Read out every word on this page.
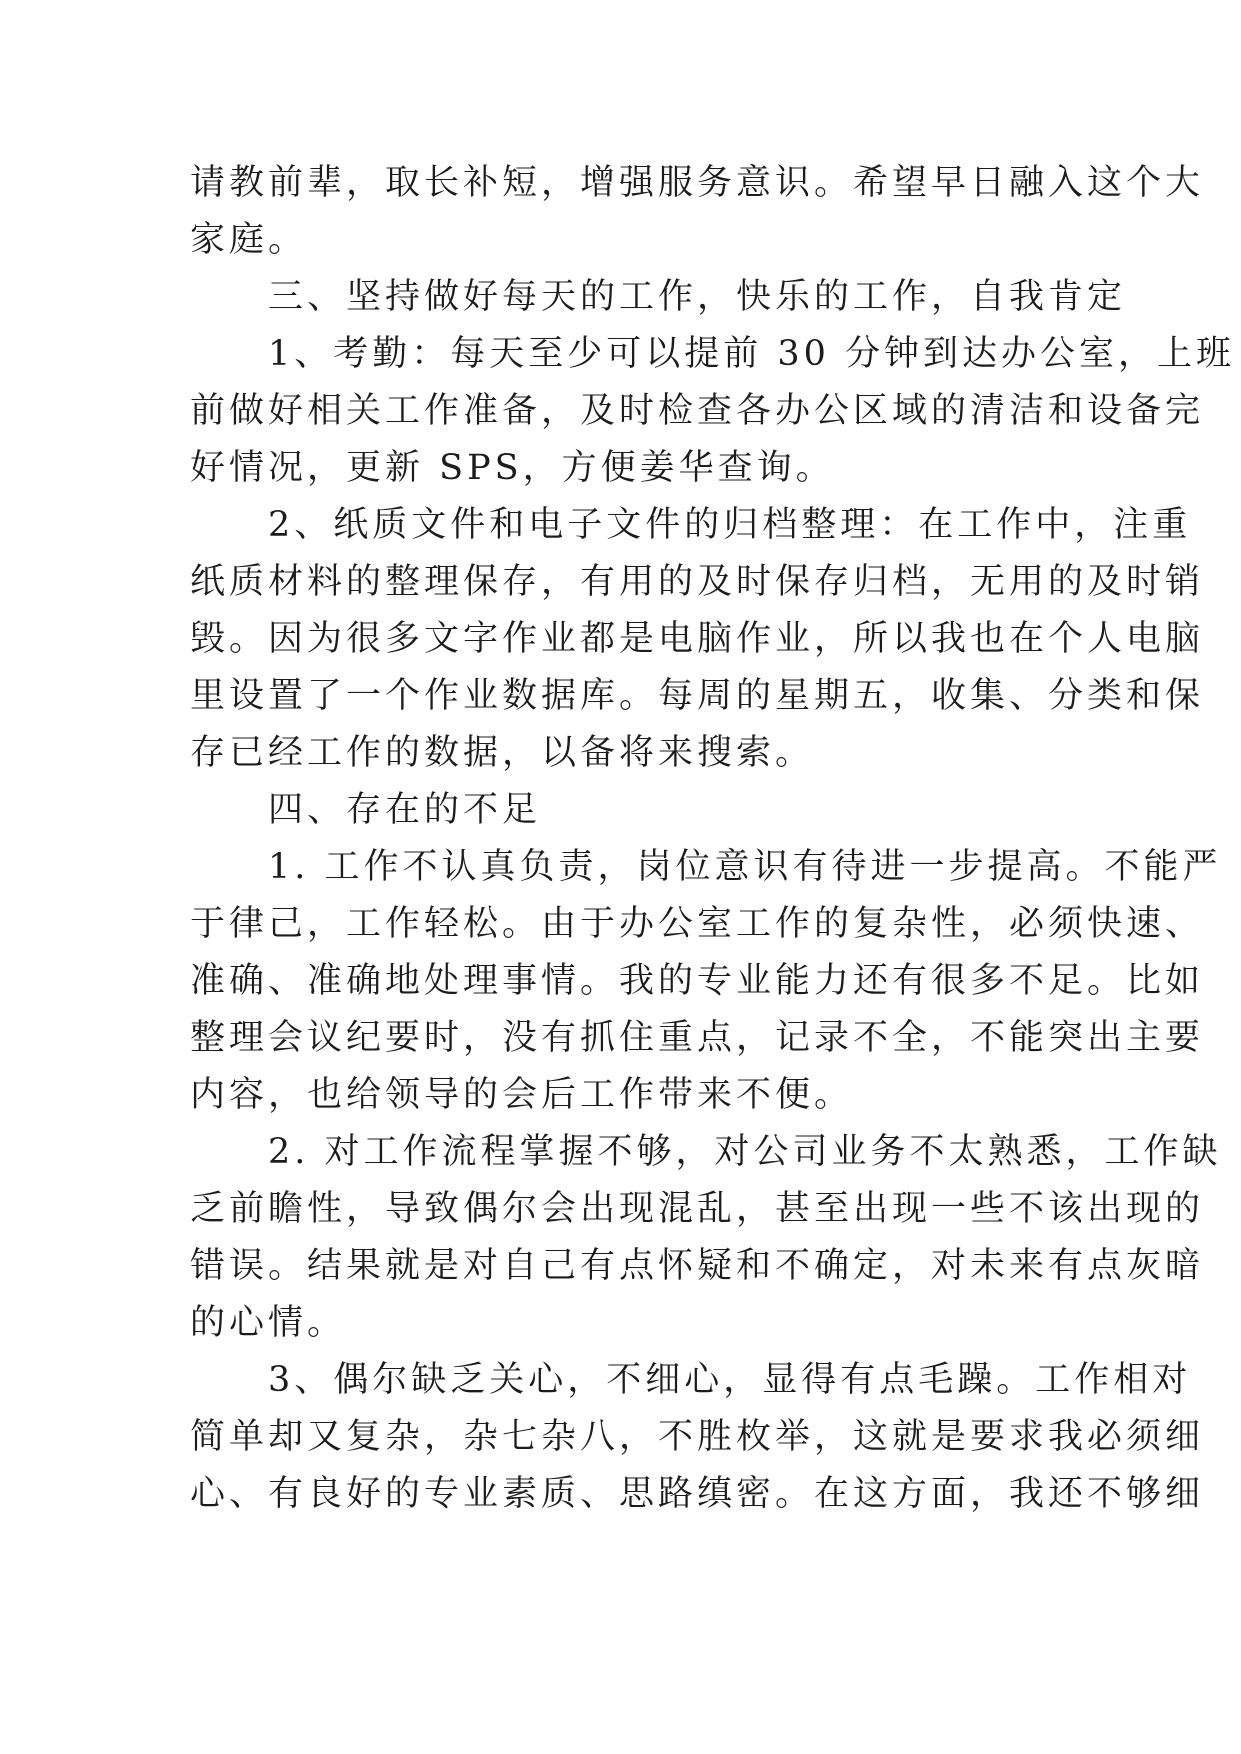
请教前辈，取长补短，增强服务意识。希望早日融入这个大
家庭。
　　三、坚持做好每天的工作，快乐的工作，自我肯定
　　1、考勤：每天至少可以提前 30 分钟到达办公室，上班
前做好相关工作准备，及时检查各办公区域的清洁和设备完
好情况，更新 SPS，方便姜华查询。
　　2、纸质文件和电子文件的归档整理：在工作中，注重
纸质材料的整理保存，有用的及时保存归档，无用的及时销
毁。因为很多文字作业都是电脑作业，所以我也在个人电脑
里设置了一个作业数据库。每周的星期五，收集、分类和保
存已经工作的数据，以备将来搜索。
　　四、存在的不足
　　1. 工作不认真负责，岗位意识有待进一步提高。不能严
于律己，工作轻松。由于办公室工作的复杂性，必须快速、
准确、准确地处理事情。我的专业能力还有很多不足。比如
整理会议纪要时，没有抓住重点，记录不全，不能突出主要
内容，也给领导的会后工作带来不便。
　　2. 对工作流程掌握不够，对公司业务不太熟悉，工作缺
乏前瞻性，导致偶尔会出现混乱，甚至出现一些不该出现的
错误。结果就是对自己有点怀疑和不确定，对未来有点灰暗
的心情。
　　3、偶尔缺乏关心，不细心，显得有点毛躁。工作相对
简单却又复杂，杂七杂八，不胜枚举，这就是要求我必须细
心、有良好的专业素质、思路缜密。在这方面，我还不够细
